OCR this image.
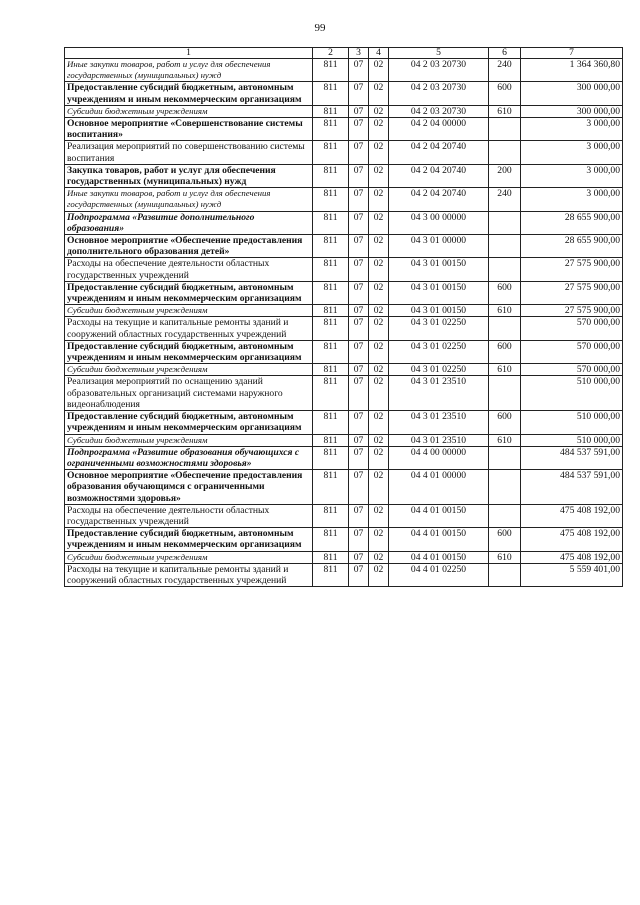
99
1	2	3	4	5	6	7
Иные закупки товаров, работ и услуг для обеспечения государственных (муниципальных) нужд	811	07	02	04 2 03 20730	240	1 364 360,80
Предоставление субсидий бюджетным, автономным учреждениям и иным некоммерческим организациям	811	07	02	04 2 03 20730	600	300 000,00
Субсидии бюджетным учреждениям	811	07	02	04 2 03 20730	610	300 000,00
Основное мероприятие «Совершенствование системы воспитания»	811	07	02	04 2 04 00000		3 000,00
Реализация мероприятий по совершенствованию системы воспитания	811	07	02	04 2 04 20740		3 000,00
Закупка товаров, работ и услуг для обеспечения государственных (муниципальных) нужд	811	07	02	04 2 04 20740	200	3 000,00
Иные закупки товаров, работ и услуг для обеспечения государственных (муниципальных) нужд	811	07	02	04 2 04 20740	240	3 000,00
Подпрограмма «Развитие дополнительного образования»	811	07	02	04 3 00 00000		28 655 900,00
Основное мероприятие «Обеспечение предоставления дополнительного образования детей»	811	07	02	04 3 01 00000		28 655 900,00
Расходы на обеспечение деятельности областных государственных учреждений	811	07	02	04 3 01 00150		27 575 900,00
Предоставление субсидий бюджетным, автономным учреждениям и иным некоммерческим организациям	811	07	02	04 3 01 00150	600	27 575 900,00
Субсидии бюджетным учреждениям	811	07	02	04 3 01 00150	610	27 575 900,00
Расходы на текущие и капитальные ремонты зданий и сооружений областных государственных учреждений	811	07	02	04 3 01 02250		570 000,00
Предоставление субсидий бюджетным, автономным учреждениям и иным некоммерческим организациям	811	07	02	04 3 01 02250	600	570 000,00
Субсидии бюджетным учреждениям	811	07	02	04 3 01 02250	610	570 000,00
Реализация мероприятий по оснащению зданий образовательных организаций системами наружного видеонаблюдения	811	07	02	04 3 01 23510		510 000,00
Предоставление субсидий бюджетным, автономным учреждениям и иным некоммерческим организациям	811	07	02	04 3 01 23510	600	510 000,00
Субсидии бюджетным учреждениям	811	07	02	04 3 01 23510	610	510 000,00
Подпрограмма «Развитие образования обучающихся с ограниченными возможностями здоровья»	811	07	02	04 4 00 00000		484 537 591,00
Основное мероприятие «Обеспечение предоставления образования обучающимся с ограниченными возможностями здоровья»	811	07	02	04 4 01 00000		484 537 591,00
Расходы на обеспечение деятельности областных государственных учреждений	811	07	02	04 4 01 00150		475 408 192,00
Предоставление субсидий бюджетным, автономным учреждениям и иным некоммерческим организациям	811	07	02	04 4 01 00150	600	475 408 192,00
Субсидии бюджетным учреждениям	811	07	02	04 4 01 00150	610	475 408 192,00
Расходы на текущие и капитальные ремонты зданий и сооружений областных государственных учреждений	811	07	02	04 4 01 02250		5 559 401,00
